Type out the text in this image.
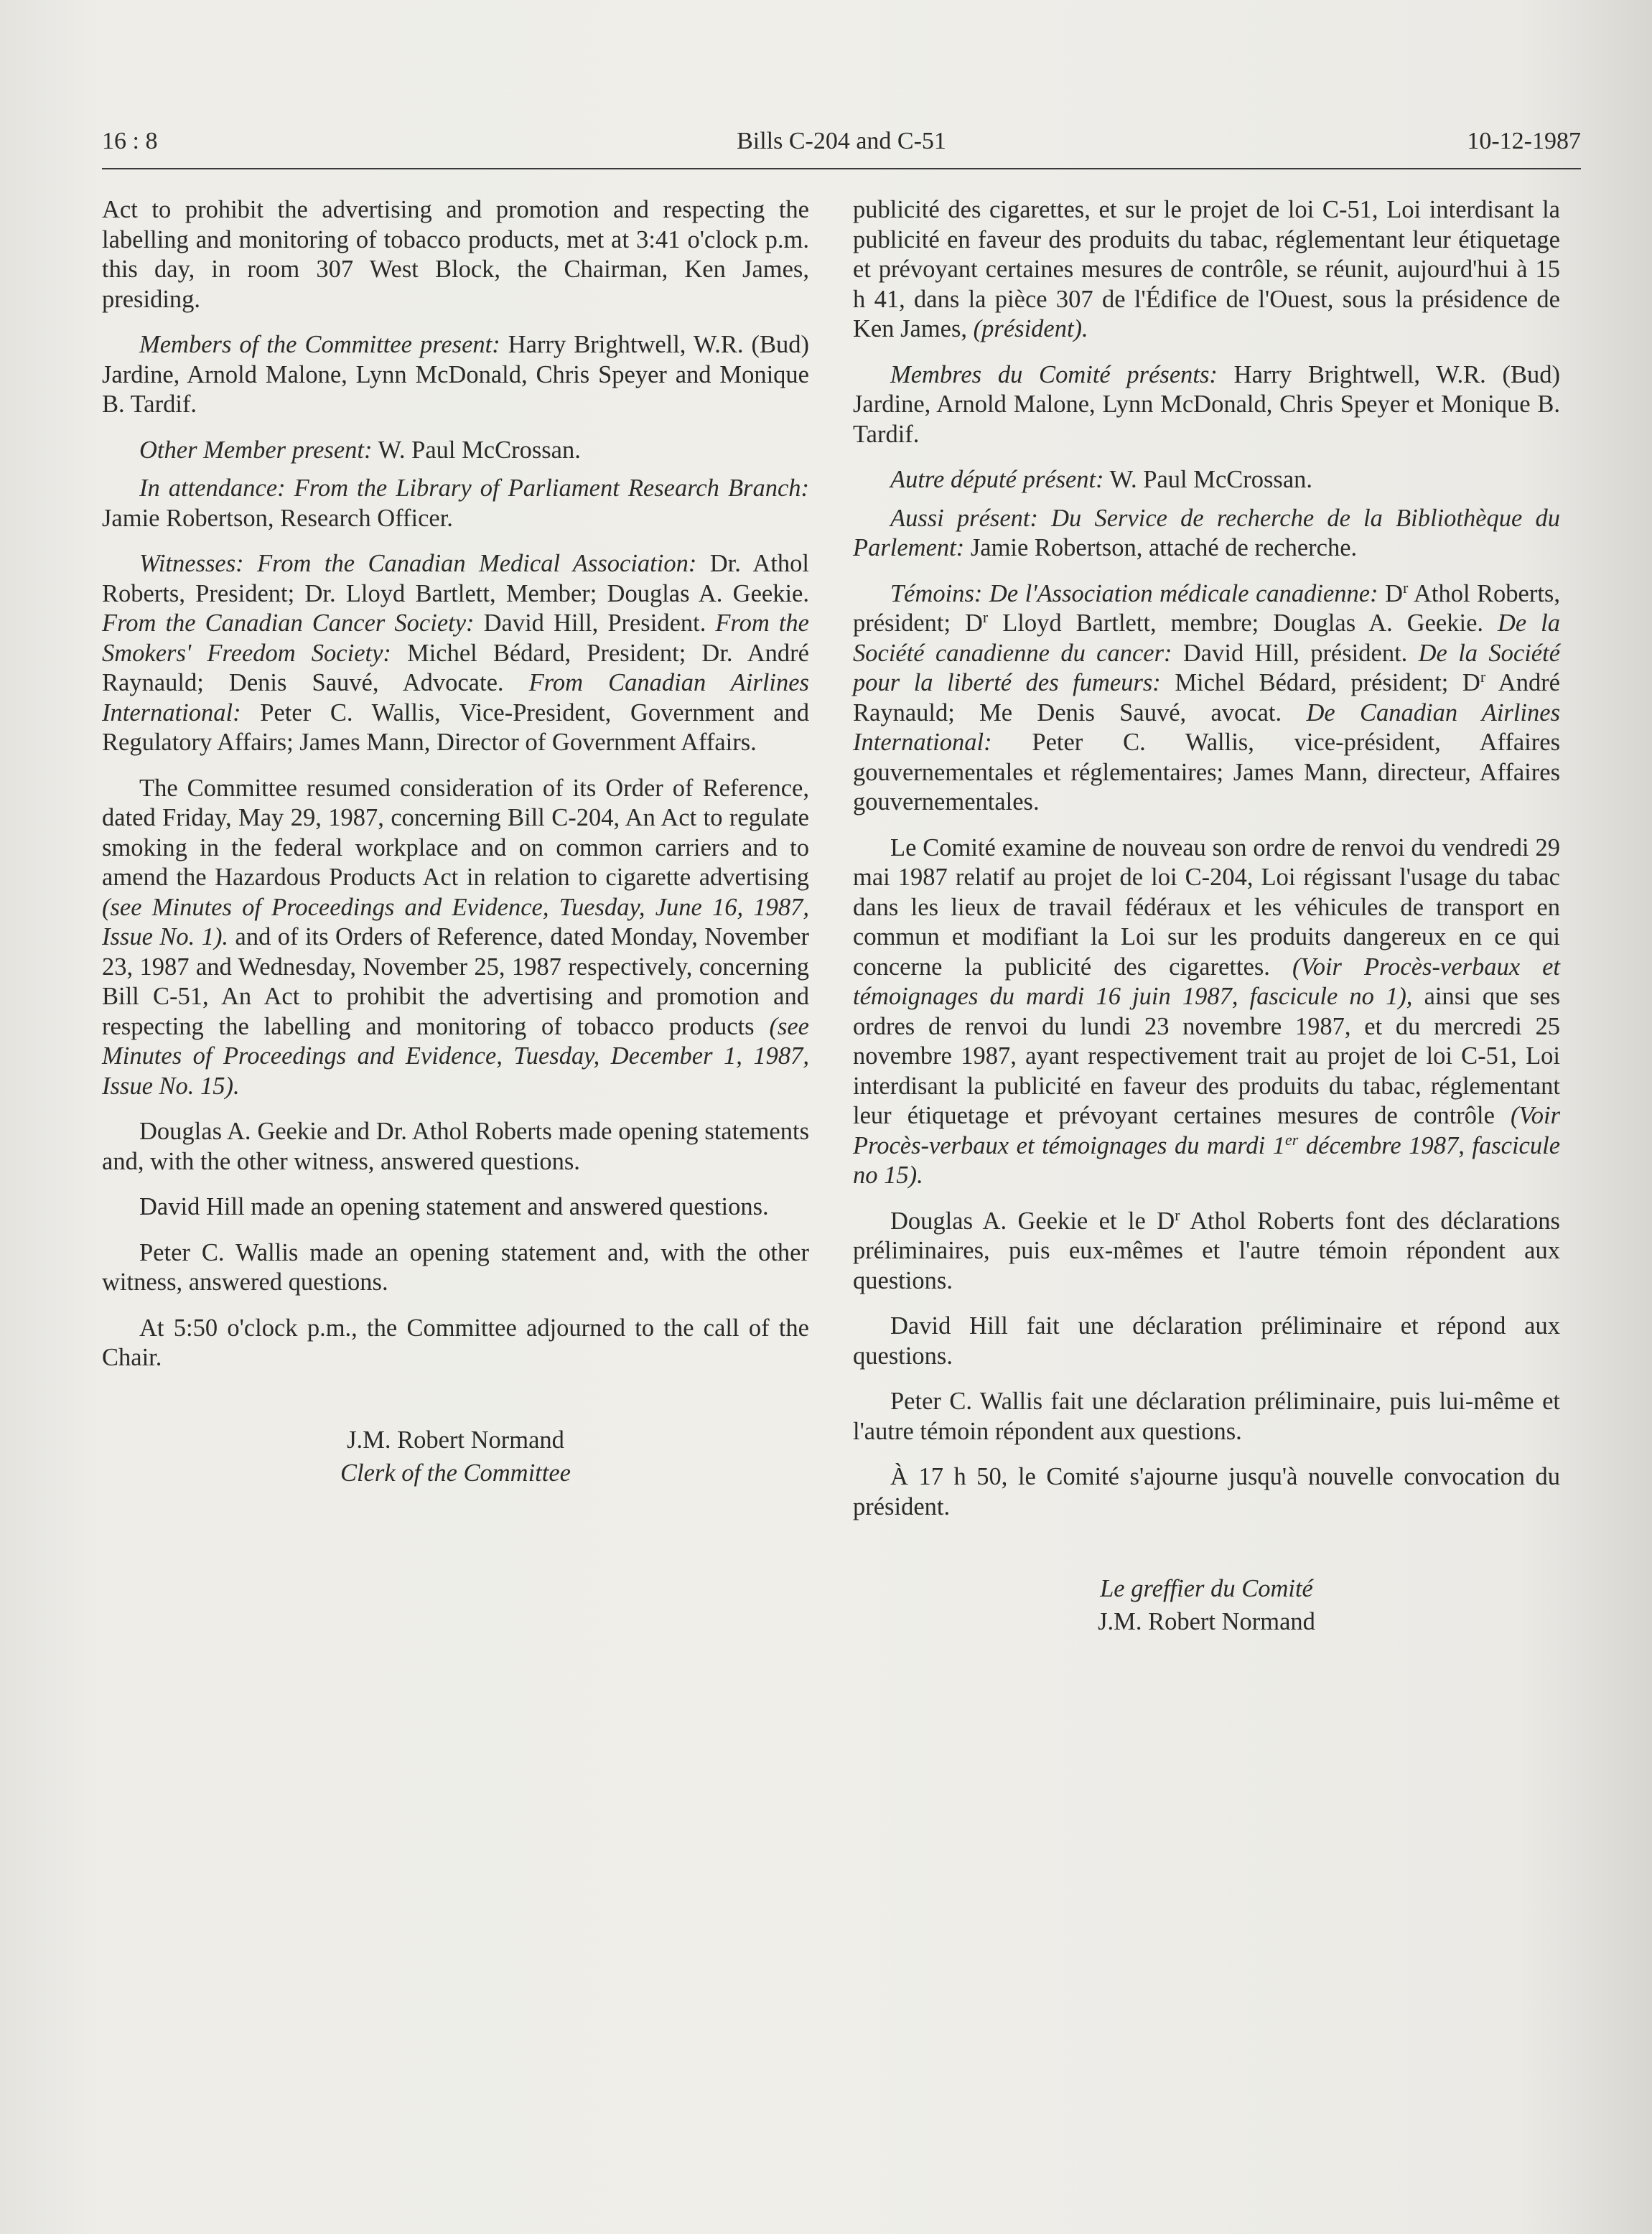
16 : 8	Bills C-204 and C-51	10-12-1987

Act to prohibit the advertising and promotion and respecting the labelling and monitoring of tobacco products, met at 3:41 o'clock p.m. this day, in room 307 West Block, the Chairman, Ken James, presiding.

Members of the Committee present: Harry Brightwell, W.R. (Bud) Jardine, Arnold Malone, Lynn McDonald, Chris Speyer and Monique B. Tardif.

Other Member present: W. Paul McCrossan.

In attendance: From the Library of Parliament Research Branch: Jamie Robertson, Research Officer.

Witnesses: From the Canadian Medical Association: Dr. Athol Roberts, President; Dr. Lloyd Bartlett, Member; Douglas A. Geekie. From the Canadian Cancer Society: David Hill, President. From the Smokers' Freedom Society: Michel Bédard, President; Dr. André Raynauld; Denis Sauvé, Advocate. From Canadian Airlines International: Peter C. Wallis, Vice-President, Government and Regulatory Affairs; James Mann, Director of Government Affairs.

The Committee resumed consideration of its Order of Reference, dated Friday, May 29, 1987, concerning Bill C-204, An Act to regulate smoking in the federal workplace and on common carriers and to amend the Hazardous Products Act in relation to cigarette advertising (see Minutes of Proceedings and Evidence, Tuesday, June 16, 1987, Issue No. 1). and of its Orders of Reference, dated Monday, November 23, 1987 and Wednesday, November 25, 1987 respectively, concerning Bill C-51, An Act to prohibit the advertising and promotion and respecting the labelling and monitoring of tobacco products (see Minutes of Proceedings and Evidence, Tuesday, December 1, 1987, Issue No. 15).

Douglas A. Geekie and Dr. Athol Roberts made opening statements and, with the other witness, answered questions.

David Hill made an opening statement and answered questions.

Peter C. Wallis made an opening statement and, with the other witness, answered questions.

At 5:50 o'clock p.m., the Committee adjourned to the call of the Chair.

J.M. Robert Normand
Clerk of the Committee

publicité des cigarettes, et sur le projet de loi C-51, Loi interdisant la publicité en faveur des produits du tabac, réglementant leur étiquetage et prévoyant certaines mesures de contrôle, se réunit, aujourd'hui à 15 h 41, dans la pièce 307 de l'Édifice de l'Ouest, sous la présidence de Ken James, (président).

Membres du Comité présents: Harry Brightwell, W.R. (Bud) Jardine, Arnold Malone, Lynn McDonald, Chris Speyer et Monique B. Tardif.

Autre député présent: W. Paul McCrossan.

Aussi présent: Du Service de recherche de la Bibliothèque du Parlement: Jamie Robertson, attaché de recherche.

Témoins: De l'Association médicale canadienne: $D^r$ Athol Roberts, président; $D^r$ Lloyd Bartlett, membre; Douglas A. Geekie. De la Société canadienne du cancer: David Hill, président. De la Société pour la liberté des fumeurs: Michel Bédard, président; $D^r$ André Raynauld; Me Denis Sauvé, avocat. De Canadian Airlines International: Peter C. Wallis, vice-président, Affaires gouvernementales et réglementaires; James Mann, directeur, Affaires gouvernementales.

Le Comité examine de nouveau son ordre de renvoi du vendredi 29 mai 1987 relatif au projet de loi C-204, Loi régissant l'usage du tabac dans les lieux de travail fédéraux et les véhicules de transport en commun et modifiant la Loi sur les produits dangereux en ce qui concerne la publicité des cigarettes. (Voir Procès-verbaux et témoignages du mardi 16 juin 1987, fascicule no 1), ainsi que ses ordres de renvoi du lundi 23 novembre 1987, et du mercredi 25 novembre 1987, ayant respectivement trait au projet de loi C-51, Loi interdisant la publicité en faveur des produits du tabac, réglementant leur étiquetage et prévoyant certaines mesures de contrôle (Voir Procès-verbaux et témoignages du mardi 1er décembre 1987, fascicule no 15).

Douglas A. Geekie et le $D^r$ Athol Roberts font des déclarations préliminaires, puis eux-mêmes et l'autre témoin répondent aux questions.

David Hill fait une déclaration préliminaire et répond aux questions.

Peter C. Wallis fait une déclaration préliminaire, puis lui-même et l'autre témoin répondent aux questions.

À 17 h 50, le Comité s'ajourne jusqu'à nouvelle convocation du président.

Le greffier du Comité
J.M. Robert Normand
